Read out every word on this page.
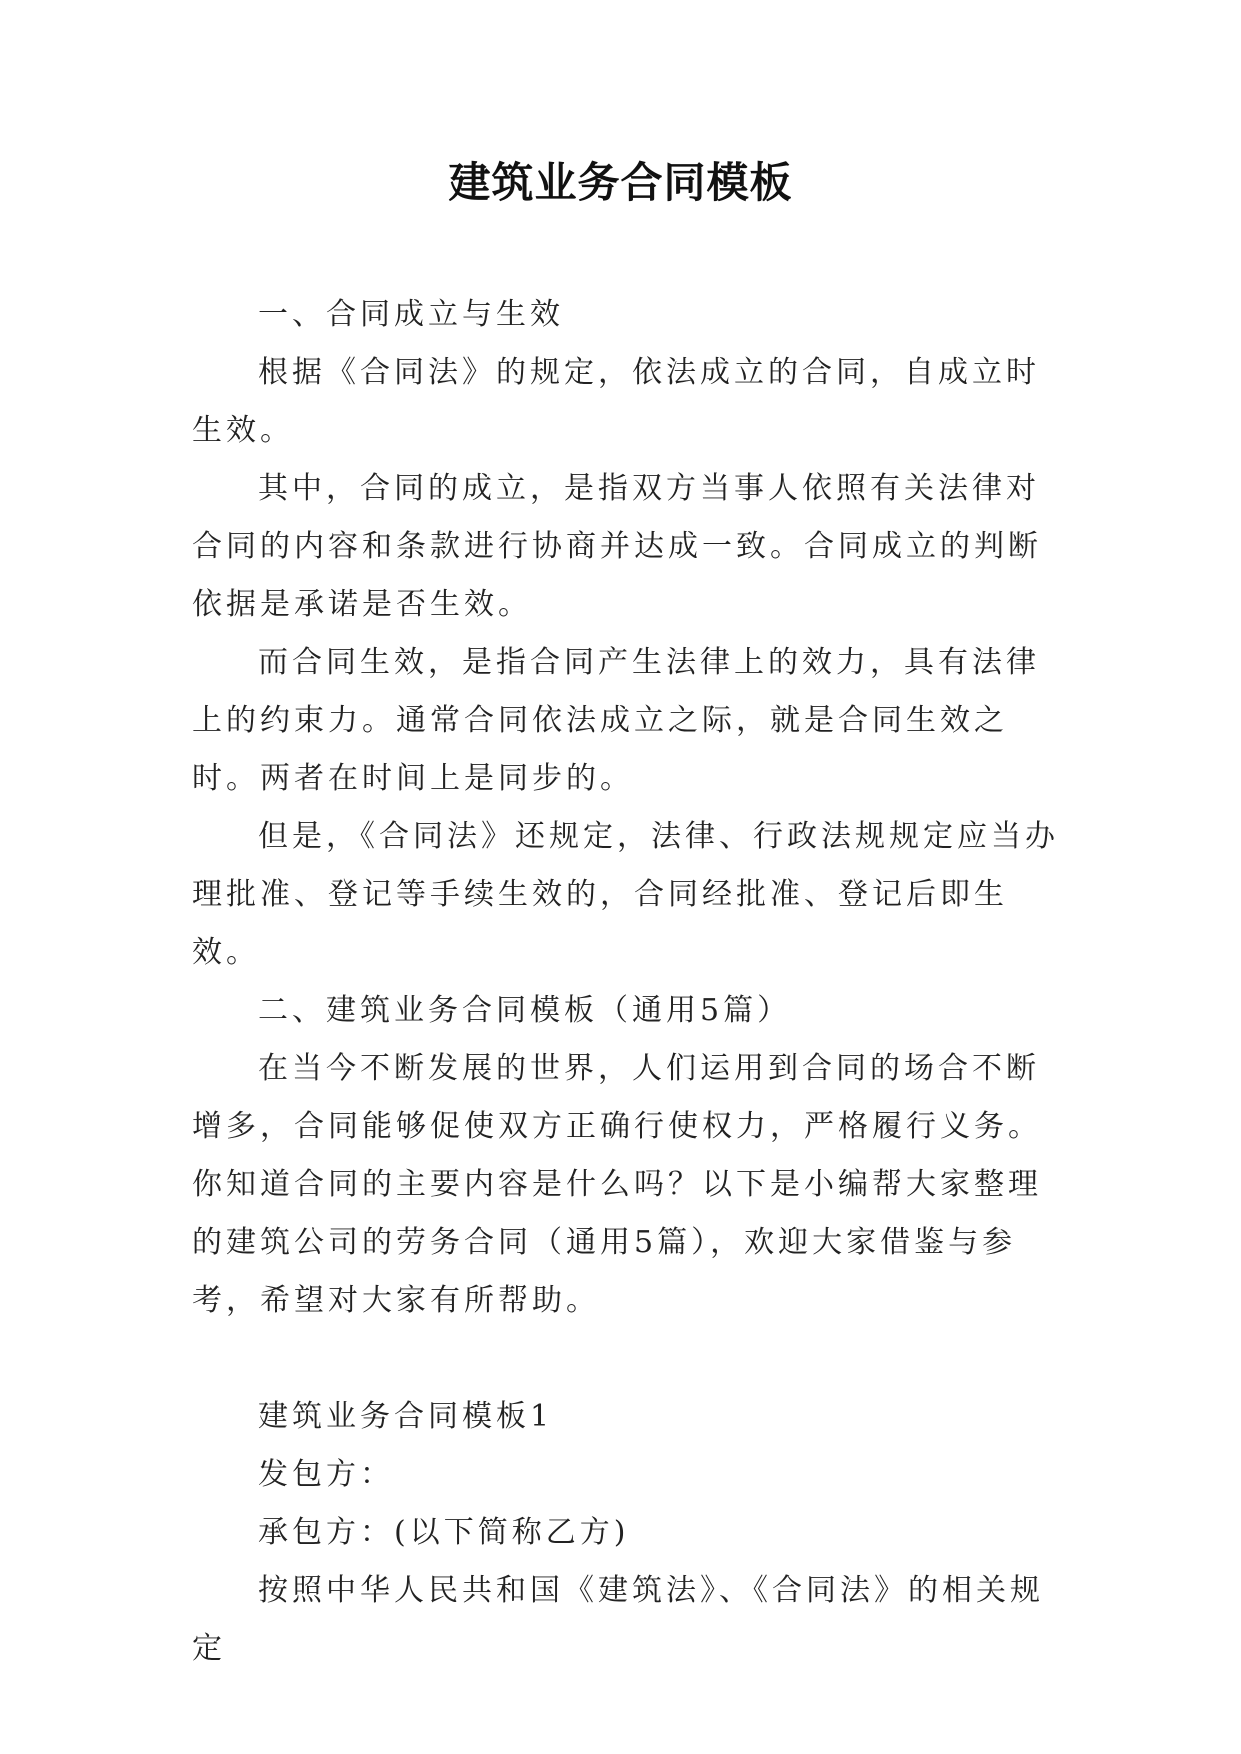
建筑业务合同模板

一、合同成立与生效

根据《合同法》的规定，依法成立的合同，自成立时生效。

其中，合同的成立，是指双方当事人依照有关法律对合同的内容和条款进行协商并达成一致。合同成立的判断依据是承诺是否生效。

而合同生效，是指合同产生法律上的效力，具有法律上的约束力。通常合同依法成立之际，就是合同生效之时。两者在时间上是同步的。

但是，《合同法》还规定，法律、行政法规规定应当办理批准、登记等手续生效的，合同经批准、登记后即生效。

二、建筑业务合同模板（通用5篇）

在当今不断发展的世界，人们运用到合同的场合不断增多，合同能够促使双方正确行使权力，严格履行义务。你知道合同的主要内容是什么吗？以下是小编帮大家整理的建筑公司的劳务合同（通用5篇），欢迎大家借鉴与参考，希望对大家有所帮助。

建筑业务合同模板1

发包方：

承包方：(以下简称乙方)

按照中华人民共和国《建筑法》、《合同法》的相关规定
